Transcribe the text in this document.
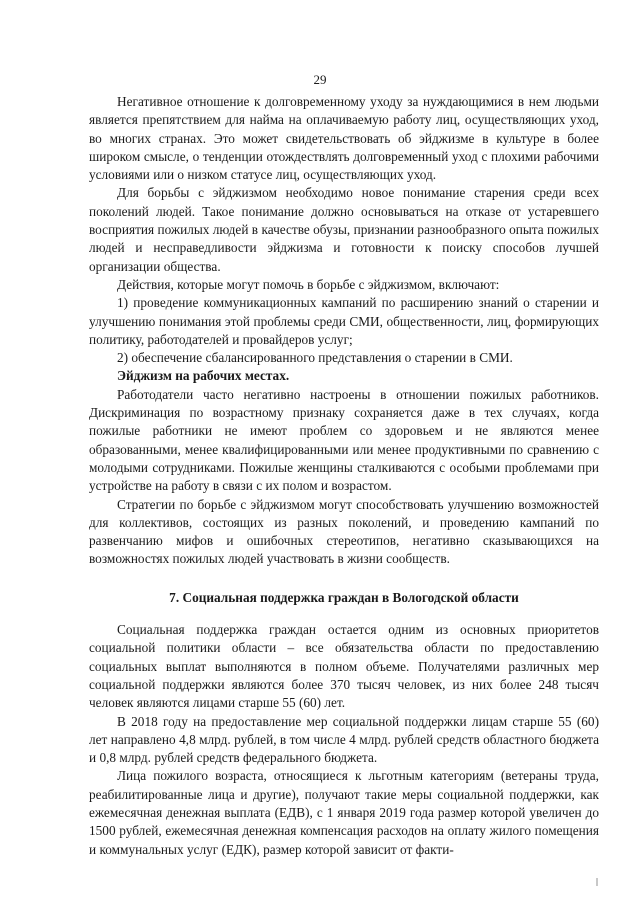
29

Негативное отношение к долговременному уходу за нуждающимися в нем людьми является препятствием для найма на оплачиваемую работу лиц, осуществляющих уход, во многих странах. Это может свидетельствовать об эйджизме в культуре в более широком смысле, о тенденции отождествлять долговременный уход с плохими рабочими условиями или о низком статусе лиц, осуществляющих уход.

Для борьбы с эйджизмом необходимо новое понимание старения среди всех поколений людей. Такое понимание должно основываться на отказе от устаревшего восприятия пожилых людей в качестве обузы, признании разнообразного опыта пожилых людей и несправедливости эйджизма и готовности к поиску способов лучшей организации общества.

Действия, которые могут помочь в борьбе с эйджизмом, включают:

1) проведение коммуникационных кампаний по расширению знаний о старении и улучшению понимания этой проблемы среди СМИ, общественности, лиц, формирующих политику, работодателей и провайдеров услуг;

2) обеспечение сбалансированного представления о старении в СМИ.

Эйджизм на рабочих местах.

Работодатели часто негативно настроены в отношении пожилых работников. Дискриминация по возрастному признаку сохраняется даже в тех случаях, когда пожилые работники не имеют проблем со здоровьем и не являются менее образованными, менее квалифицированными или менее продуктивными по сравнению с молодыми сотрудниками. Пожилые женщины сталкиваются с особыми проблемами при устройстве на работу в связи с их полом и возрастом.

Стратегии по борьбе с эйджизмом могут способствовать улучшению возможностей для коллективов, состоящих из разных поколений, и проведению кампаний по развенчанию мифов и ошибочных стереотипов, негативно сказывающихся на возможностях пожилых людей участвовать в жизни сообществ.

7. Социальная поддержка граждан в Вологодской области

Социальная поддержка граждан остается одним из основных приоритетов социальной политики области – все обязательства области по предоставлению социальных выплат выполняются в полном объеме. Получателями различных мер социальной поддержки являются более 370 тысяч человек, из них более 248 тысяч человек являются лицами старше 55 (60) лет.

В 2018 году на предоставление мер социальной поддержки лицам старше 55 (60) лет направлено 4,8 млрд. рублей, в том числе 4 млрд. рублей средств областного бюджета и 0,8 млрд. рублей средств федерального бюджета.

Лица пожилого возраста, относящиеся к льготным категориям (ветераны труда, реабилитированные лица и другие), получают такие меры социальной поддержки, как ежемесячная денежная выплата (ЕДВ), с 1 января 2019 года размер которой увеличен до 1500 рублей, ежемесячная денежная компенсация расходов на оплату жилого помещения и коммунальных услуг (ЕДК), размер которой зависит от факти-
